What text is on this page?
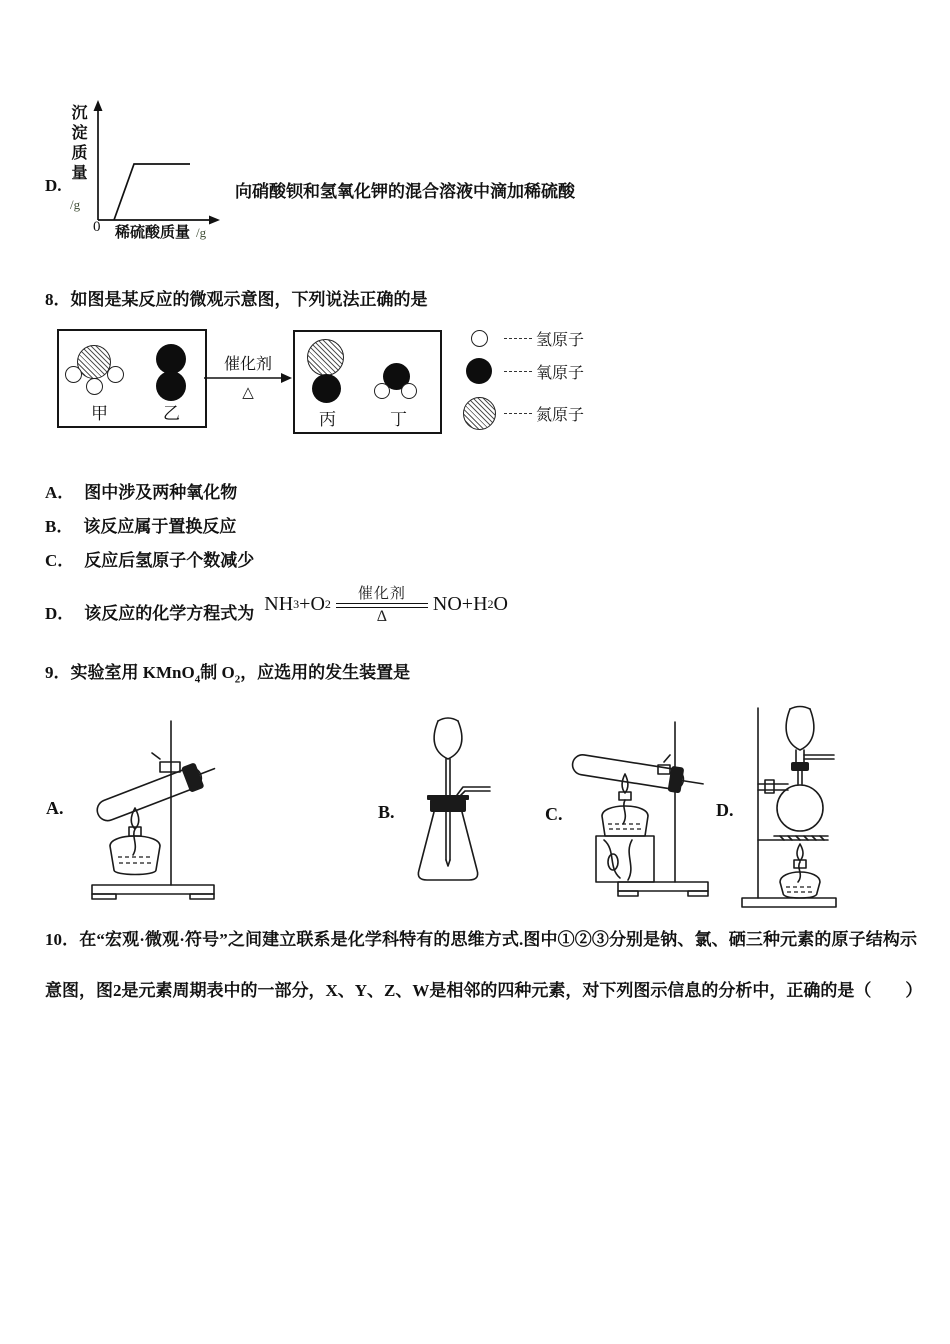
D.
沉淀质量
/g
0 稀硫酸质量 /g
向硝酸钡和氢氧化钾的混合溶液中滴加稀硫酸
8．如图是某反应的微观示意图，下列说法正确的是
甲	乙
催化剂
△
丙	丁
氢原子
氧原子
氮原子
A． 图中涉及两种氧化物
B． 该反应属于置换反应
C． 反应后氢原子个数减少
D． 该反应的化学方程式为 NH 3 +O 2
催化剂
Δ
NO+H 2 O
9．实验室用 KMnO$_4$制 $O_2$，应选用的发生装置是
A.	B.	C.	D.
10．在“宏观·微观·符号”之间建立联系是化学科特有的思维方式.图中①②③分别是钠、氯、硒三种元素的原子结构示意图，图2是元素周期表中的一部分，X、Y、Z、W是相邻的四种元素，对下列图示信息的分析中，正确的是（　　）
